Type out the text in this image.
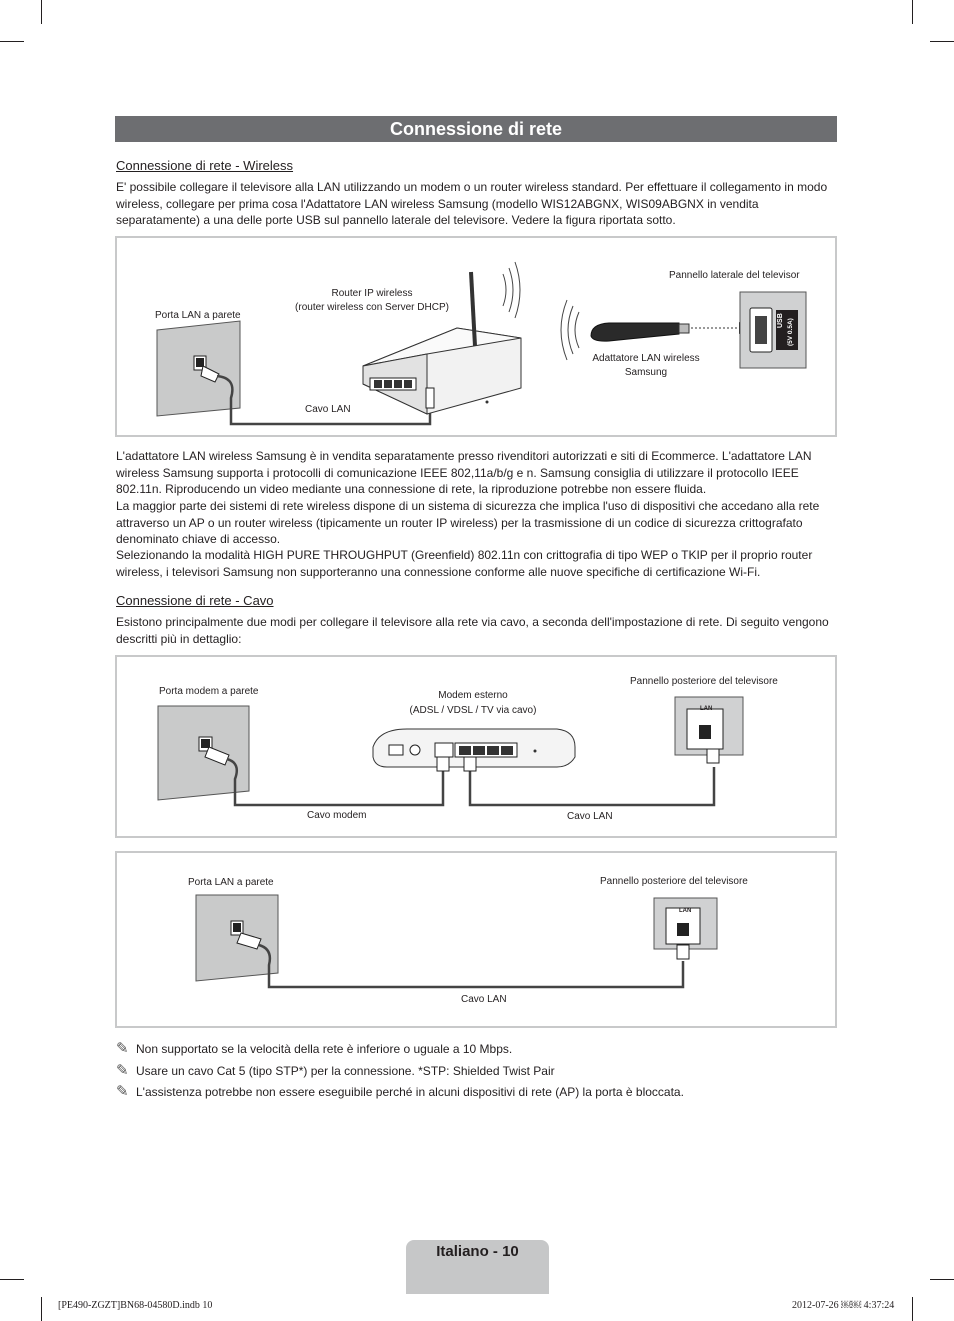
Connessione di rete
Connessione di rete - Wireless
E' possibile collegare il televisore alla LAN utilizzando un modem o un router wireless standard. Per effettuare il collegamento in modo wireless, collegare per prima cosa l'Adattatore LAN wireless Samsung (modello WIS12ABGNX, WIS09ABGNX in vendita separatamente) a una delle porte USB sul pannello laterale del televisore. Vedere la figura riportata sotto.
Porta LAN a parete
Router IP wireless
(router wireless con Server DHCP)
Cavo LAN
Pannello laterale del televisor
Adattatore LAN wireless
Samsung
USB (5V 0.5A)
L'adattatore LAN wireless Samsung è in vendita separatamente presso rivenditori autorizzati e siti di Ecommerce. L'adattatore LAN wireless Samsung supporta i protocolli di comunicazione IEEE 802,11a/b/g e n. Samsung consiglia di utilizzare il protocollo IEEE 802.11n. Riproducendo un video mediante una connessione di rete, la riproduzione potrebbe non essere fluida.
La maggior parte dei sistemi di rete wireless dispone di un sistema di sicurezza che implica l'uso di dispositivi che accedano alla rete attraverso un AP o un router wireless (tipicamente un router IP wireless) per la trasmissione di un codice di sicurezza crittografato denominato chiave di accesso.
Selezionando la modalità HIGH PURE THROUGHPUT (Greenfield) 802.11n con crittografia di tipo WEP o TKIP per il proprio router wireless, i televisori Samsung non supporteranno una connessione conforme alle nuove specifiche di certificazione Wi-Fi.
Connessione di rete - Cavo
Esistono principalmente due modi per collegare il televisore alla rete via cavo, a seconda dell'impostazione di rete. Di seguito vengono descritti più in dettaglio:
Porta modem a parete	Modem esterno
(ADSL / VDSL / TV via cavo)
Pannello posteriore del televisore
Cavo modem	Cavo LAN
LAN
Porta LAN a parete	Pannello posteriore del televisore
Cavo LAN
LAN
✎ Non supportato se la velocità della rete è inferiore o uguale a 10 Mbps.
✎ Usare un cavo Cat 5 (tipo STP*) per la connessione. *STP: Shielded Twist Pair
✎ L'assistenza potrebbe non essere eseguibile perché in alcuni dispositivi di rete (AP) la porta è bloccata.
Italiano - 10
[PE490-ZGZT]BN68-04580D.indb 10	2012-07-26 ￼￼ 4:37:24
